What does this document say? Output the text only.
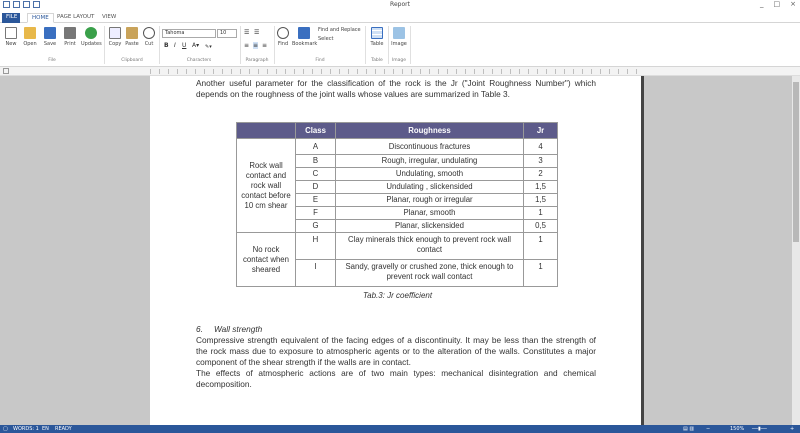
Report	_ □ ×
FILE	HOME	PAGE LAYOUT	VIEW
New	Open	Save	Print	Updates
File
Copy Paste	Cut
Clipboard
Tahoma	10
B I U A▾ ✎▾
Characters
☰ ☰
≡ ≡ ≡
Paragraph
Find Bookmark
Find and Replace
Select
Find
Table
Table
Image
Image
Another useful parameter for the classification of the rock is the Jr ("Joint Roughness Number") which depends on the roughness of the joint walls whose values are summarized in Table 3.
	Class	Roughness	Jr
Rock wall contact and rock wall contact before 10 cm shear	A	Discontinuous fractures	4
	B	Rough, irregular, undulating	3
	C	Undulating, smooth	2
	D	Undulating , slickensided	1,5
	E	Planar, rough or irregular	1,5
	F	Planar, smooth	1
	G	Planar, slickensided	0,5
No rock contact when sheared	H	Clay minerals thick enough to prevent rock wall contact	1
	I	Sandy, gravelly or crushed zone, thick enough to prevent rock wall contact	1
Tab.3: Jr coefficient
6. Wall strength
Compressive strength equivalent of the facing edges of a discontinuity. It may be less than the strength of the rock mass due to exposure to atmospheric agents or to the alteration of the walls. Constitutes a major component of the shear strength if the walls are in contact.
The effects of atmospheric actions are of two main types: mechanical disintegration and chemical decomposition.
▢ WORDS: 1 EN READY	▤ ▥ −	150% ──▮──	+
